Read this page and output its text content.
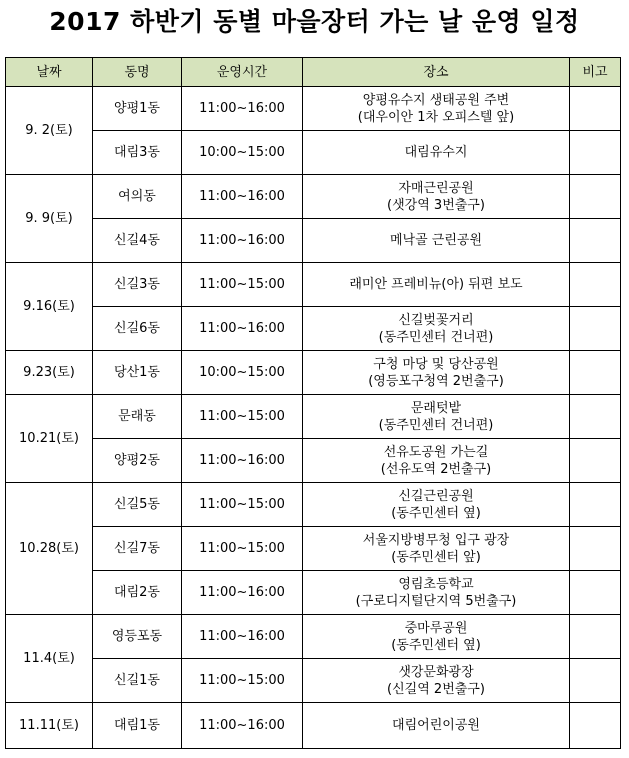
2017 하반기 동별 마을장터 가는 날 운영 일정
날짜	동명	운영시간	장소	비고
9. 2(토)	양평1동	11:00~16:00	양평유수지 생태공원 주변
(대우이안 1차 오피스텔 앞)	

	대림3동	10:00~15:00	대림유수지	

9. 9(토)	여의동	11:00~16:00	자매근린공원
(샛강역 3번출구)	

	신길4동	11:00~16:00	메낙골 근린공원	

9.16(토)	신길3동	11:00~15:00	래미안 프레비뉴(아) 뒤편 보도	

	신길6동	11:00~16:00	신길벚꽃거리
(동주민센터 건너편)	

9.23(토)	당산1동	10:00~15:00	구청 마당 및 당산공원
(영등포구청역 2번출구)	

10.21(토)	문래동	11:00~15:00	문래텃밭
(동주민센터 건너편)	

	양평2동	11:00~16:00	선유도공원 가는길
(선유도역 2번출구)	

10.28(토)	신길5동	11:00~15:00	신길근린공원
(동주민센터 옆)	

	신길7동	11:00~15:00	서울지방병무청 입구 광장
(동주민센터 앞)	

	대림2동	11:00~16:00	영림초등학교
(구로디지털단지역 5번출구)	

11.4(토)	영등포동	11:00~16:00	중마루공원
(동주민센터 옆)	

	신길1동	11:00~15:00	샛강문화광장
(신길역 2번출구)	

11.11(토)	대림1동	11:00~16:00	대림어린이공원	
